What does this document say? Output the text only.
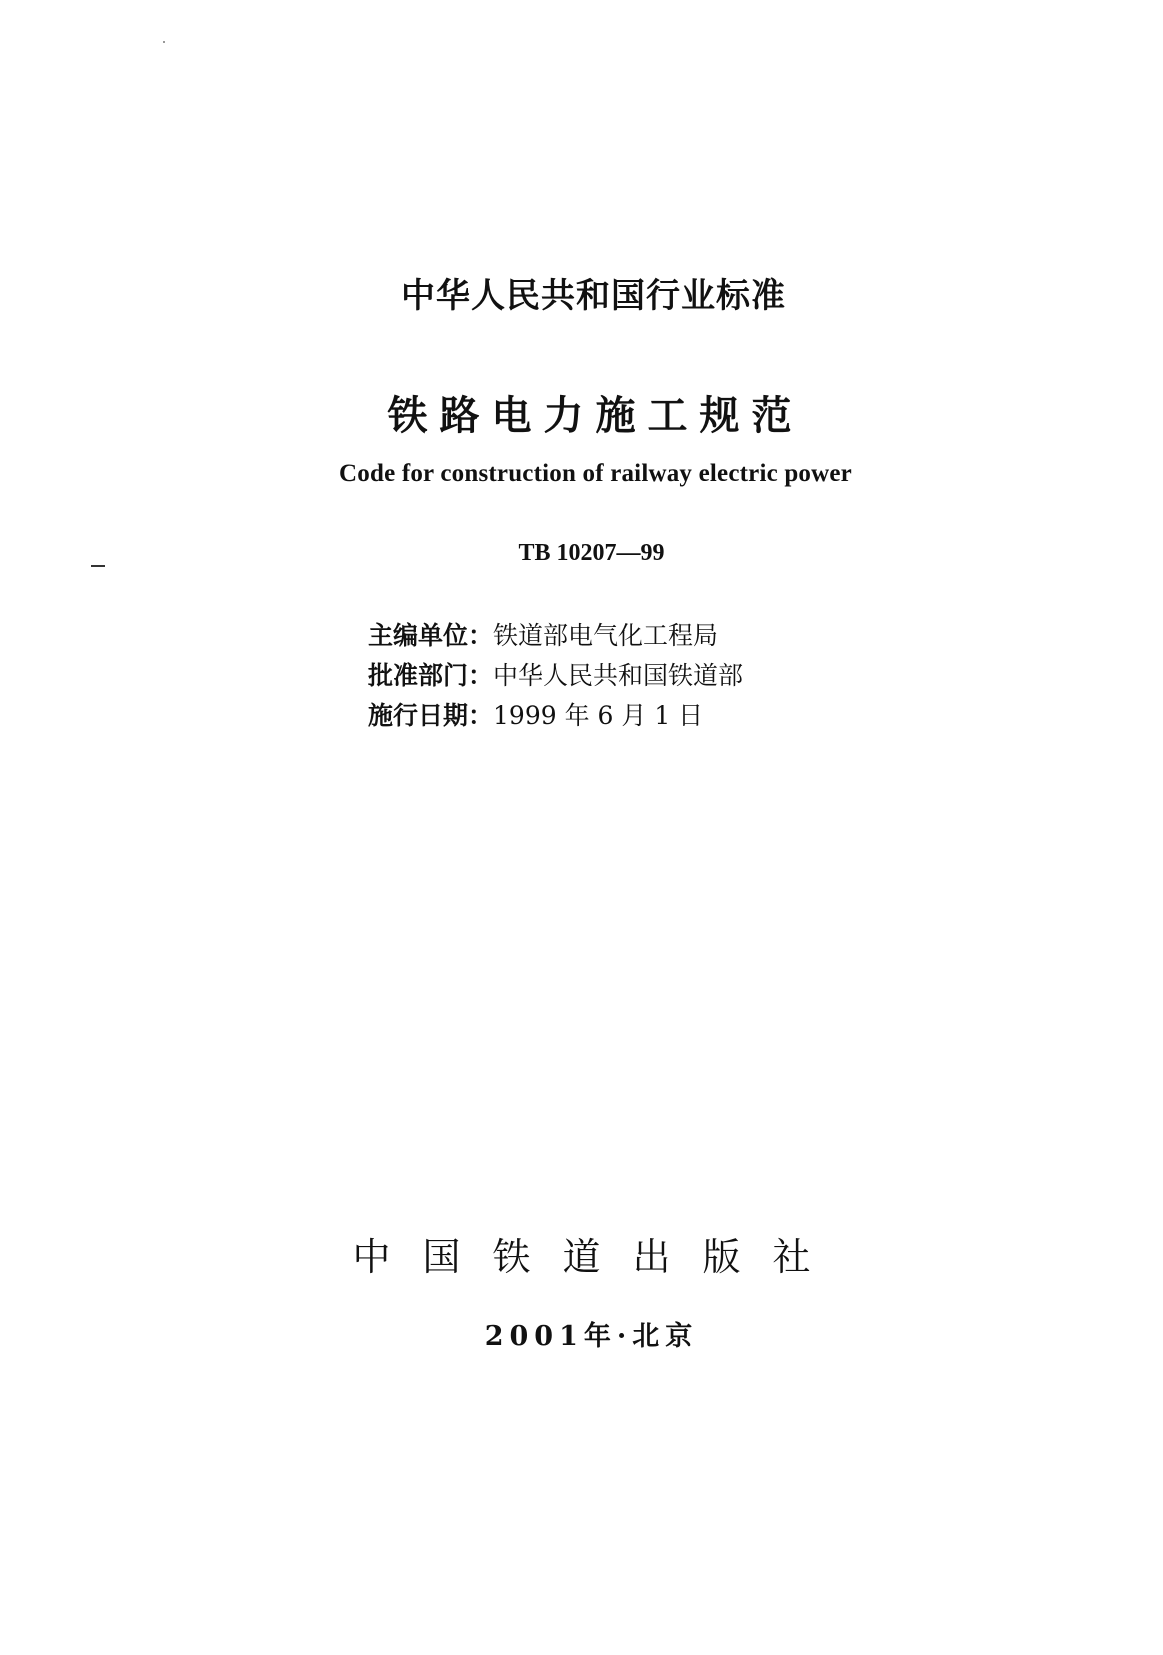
中华人民共和国行业标准
铁路电力施工规范
Code for construction of railway electric power
TB 10207—99
主编单位： 铁道部电气化工程局
批准部门： 中华人民共和国铁道部
施行日期： 1999 年 6 月 1 日
中国铁道出版社
2001年·北京
